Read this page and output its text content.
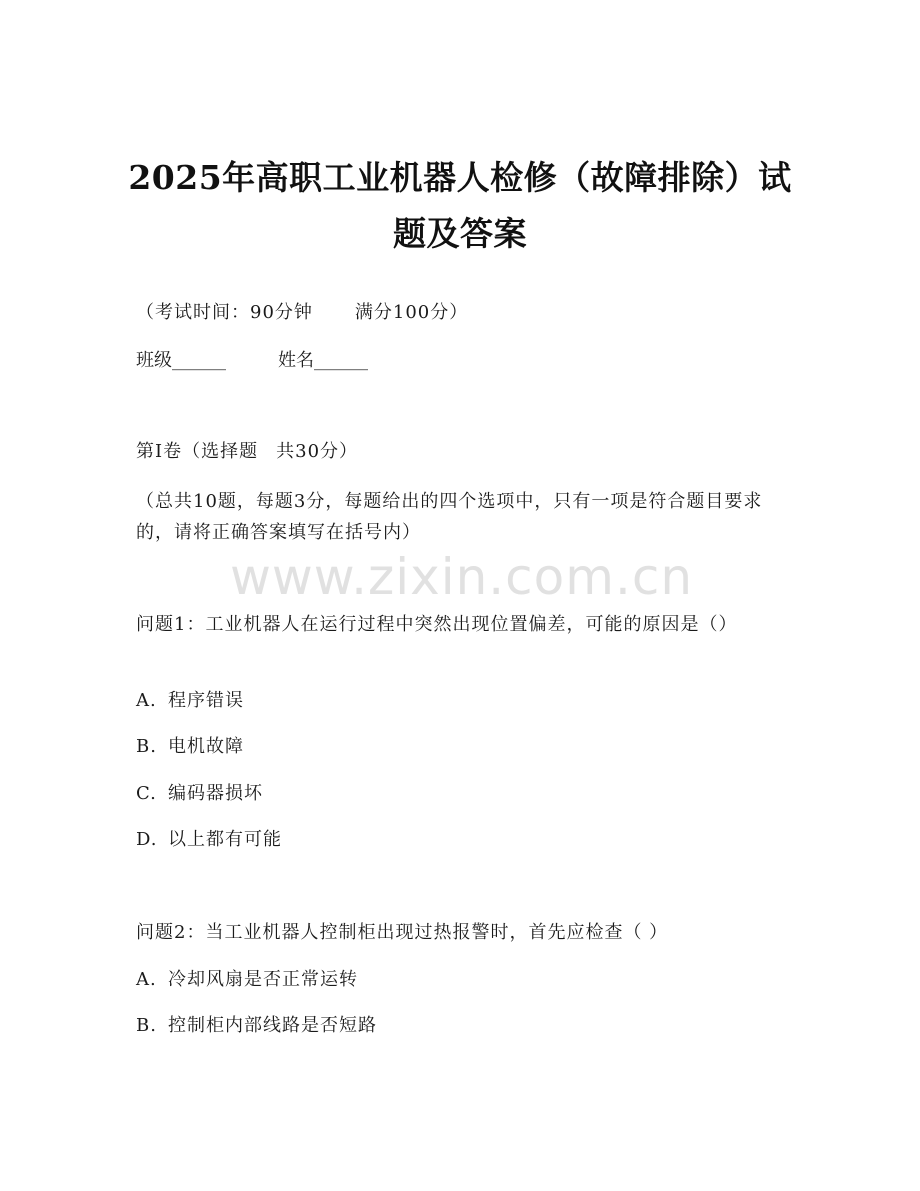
www.zixin.com.cn
2025年高职工业机器人检修（故障排除）试
题及答案
（考试时间：90分钟 满分100分）
班级______	姓名______
第Ⅰ卷（选择题 共30分）
（总共10题，每题3分，每题给出的四个选项中，只有一项是符合题目要求的，请将正确答案填写在括号内）
问题1：工业机器人在运行过程中突然出现位置偏差，可能的原因是（）
A. 程序错误
B. 电机故障
C. 编码器损坏
D. 以上都有可能
问题2：当工业机器人控制柜出现过热报警时，首先应检查（ ）
A. 冷却风扇是否正常运转
B. 控制柜内部线路是否短路
